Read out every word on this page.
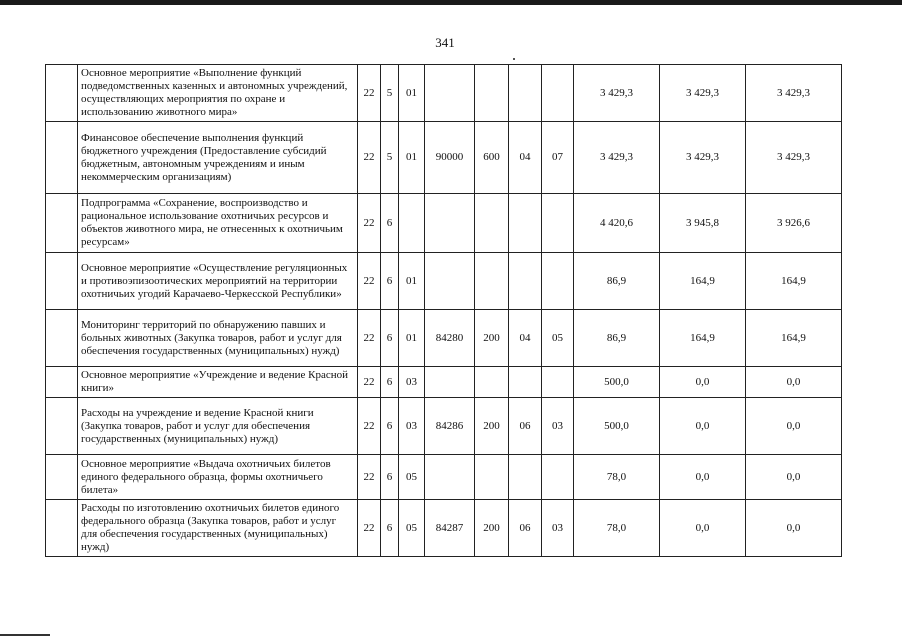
341
	Основное мероприятие «Выполнение функций подведомственных казенных и автономных учреждений, осуществляющих мероприятия по охране и использованию животного мира»	22	5	01					3 429,3	3 429,3	3 429,3
	Финансовое обеспечение выполнения функций бюджетного учреждения (Предоставление субсидий бюджетным, автономным учреждениям и иным некоммерческим организациям)	22	5	01	90000	600	04	07	3 429,3	3 429,3	3 429,3
	Подпрограмма «Сохранение, воспроизводство и рациональное использование охотничьих ресурсов и объектов животного мира, не отнесенных к охотничьим ресурсам»	22	6						4 420,6	3 945,8	3 926,6
	Основное мероприятие «Осуществление регуляционных и противоэпизоотических мероприятий на территории охотничьих угодий Карачаево-Черкесской Республики»	22	6	01					86,9	164,9	164,9
	Мониторинг территорий по обнаружению павших и больных животных (Закупка товаров, работ и услуг для обеспечения государственных (муниципальных) нужд)	22	6	01	84280	200	04	05	86,9	164,9	164,9
	Основное мероприятие «Учреждение и ведение Красной книги»	22	6	03					500,0	0,0	0,0
	Расходы на учреждение и ведение Красной книги (Закупка товаров, работ и услуг для обеспечения государственных (муниципальных) нужд)	22	6	03	84286	200	06	03	500,0	0,0	0,0
	Основное мероприятие «Выдача охотничьих билетов единого федерального образца, формы охотничьего билета»	22	6	05					78,0	0,0	0,0
	Расходы по изготовлению охотничьих билетов единого федерального образца (Закупка товаров, работ и услуг для обеспечения государственных (муниципальных) нужд)	22	6	05	84287	200	06	03	78,0	0,0	0,0
